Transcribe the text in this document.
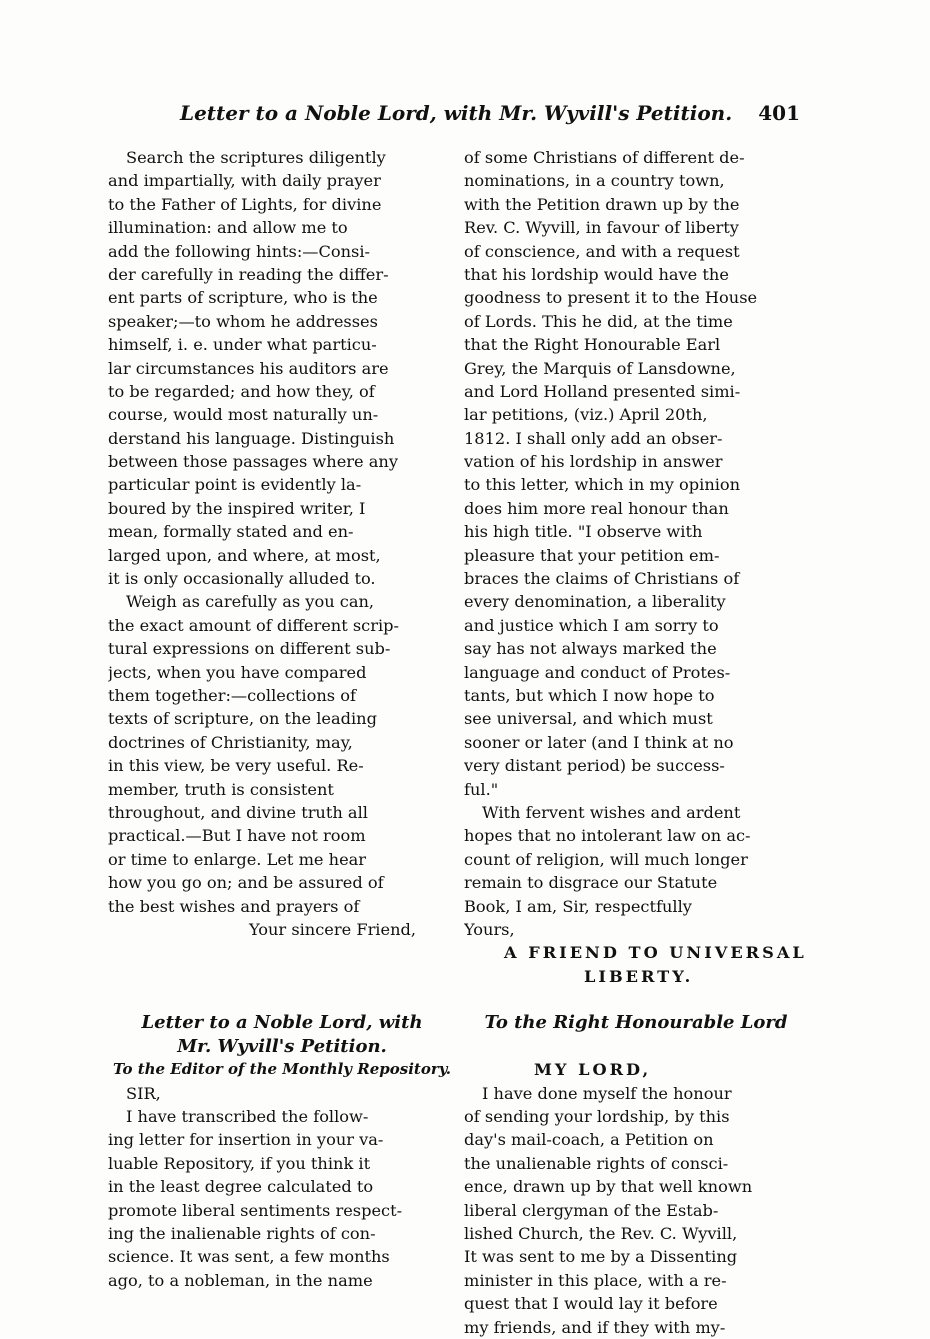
Letter to a Noble Lord, with Mr. Wyvill's Petition. 401
Search the scriptures diligently
and impartially, with daily prayer
to the Father of Lights, for divine
illumination: and allow me to
add the following hints:—Consi-
der carefully in reading the differ-
ent parts of scripture, who is the
speaker;—to whom he addresses
himself, i. e. under what particu-
lar circumstances his auditors are
to be regarded; and how they, of
course, would most naturally un-
derstand his language. Distinguish
between those passages where any
particular point is evidently la-
boured by the inspired writer, I
mean, formally stated and en-
larged upon, and where, at most,
it is only occasionally alluded to.
Weigh as carefully as you can,
the exact amount of different scrip-
tural expressions on different sub-
jects, when you have compared
them together:—collections of
texts of scripture, on the leading
doctrines of Christianity, may,
in this view, be very useful. Re-
member, truth is consistent
throughout, and divine truth all
practical.—But I have not room
or time to enlarge. Let me hear
how you go on; and be assured of
the best wishes and prayers of
Your sincere Friend,
Letter to a Noble Lord, with
Mr. Wyvill's Petition.
To the Editor of the Monthly Repository.
SIR,
I have transcribed the follow-
ing letter for insertion in your va-
luable Repository, if you think it
in the least degree calculated to
promote liberal sentiments respect-
ing the inalienable rights of con-
science. It was sent, a few months
ago, to a nobleman, in the name
of some Christians of different de-
nominations, in a country town,
with the Petition drawn up by the
Rev. C. Wyvill, in favour of liberty
of conscience, and with a request
that his lordship would have the
goodness to present it to the House
of Lords. This he did, at the time
that the Right Honourable Earl
Grey, the Marquis of Lansdowne,
and Lord Holland presented simi-
lar petitions, (viz.) April 20th,
1812. I shall only add an obser-
vation of his lordship in answer
to this letter, which in my opinion
does him more real honour than
his high title. "I observe with
pleasure that your petition em-
braces the claims of Christians of
every denomination, a liberality
and justice which I am sorry to
say has not always marked the
language and conduct of Protes-
tants, but which I now hope to
see universal, and which must
sooner or later (and I think at no
very distant period) be success-
ful."
With fervent wishes and ardent
hopes that no intolerant law on ac-
count of religion, will much longer
remain to disgrace our Statute
Book, I am, Sir, respectfully
Yours,
A FRIEND TO UNIVERSAL
LIBERTY.
To the Right Honourable Lord
MY LORD,
I have done myself the honour
of sending your lordship, by this
day's mail-coach, a Petition on
the unalienable rights of consci-
ence, drawn up by that well known
liberal clergyman of the Estab-
lished Church, the Rev. C. Wyvill,
It was sent to me by a Dissenting
minister in this place, with a re-
quest that I would lay it before
my friends, and if they with my-
